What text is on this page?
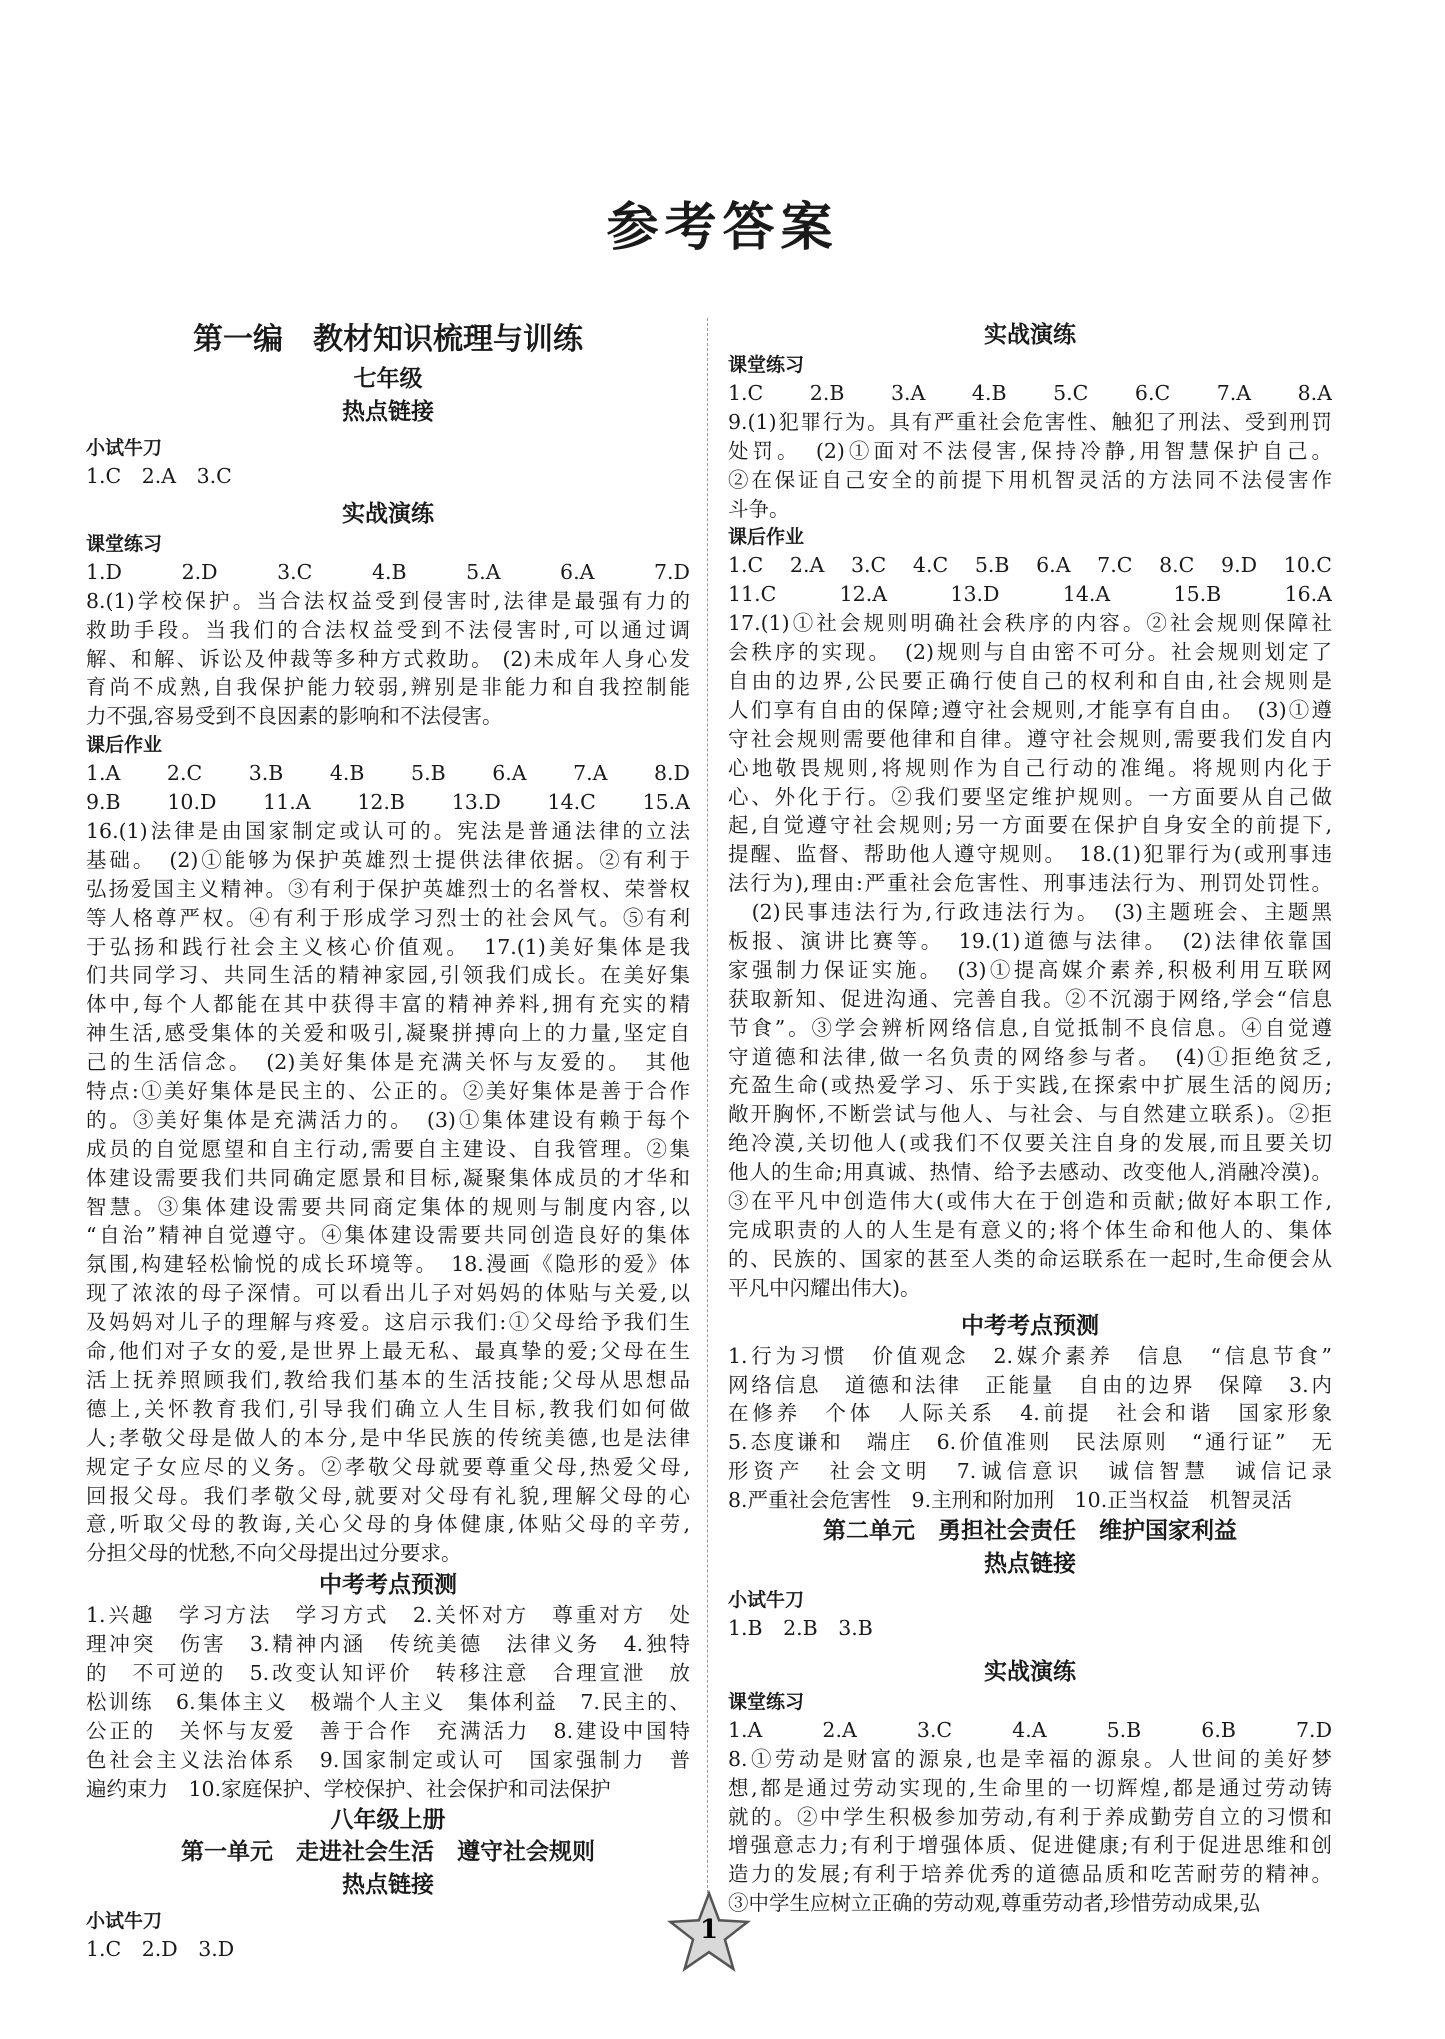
参考答案
第一编　教材知识梳理与训练
七年级
热点链接
小试牛刀
1.C　2.A　3.C
实战演练
课堂练习
1.D　2.D　3.C　4.B　5.A　6.A　7.D
8.(1)学校保护。当合法权益受到侵害时,法律是最强有力的
救助手段。当我们的合法权益受到不法侵害时,可以通过调
解、和解、诉讼及仲裁等多种方式救助。 (2)未成年人身心发
育尚不成熟,自我保护能力较弱,辨别是非能力和自我控制能
力不强,容易受到不良因素的影响和不法侵害。
课后作业
1.A　2.C　3.B　4.B　5.B　6.A　7.A　8.D
9.B　10.D　11.A　12.B　13.D　14.C　15.A
16.(1)法律是由国家制定或认可的。宪法是普通法律的立法
基础。　(2)①能够为保护英雄烈士提供法律依据。②有利于
弘扬爱国主义精神。③有利于保护英雄烈士的名誉权、荣誉权
等人格尊严权。④有利于形成学习烈士的社会风气。⑤有利
于弘扬和践行社会主义核心价值观。　17.(1)美好集体是我
们共同学习、共同生活的精神家园,引领我们成长。在美好集
体中,每个人都能在其中获得丰富的精神养料,拥有充实的精
神生活,感受集体的关爱和吸引,凝聚拼搏向上的力量,坚定自
己的生活信念。　(2)美好集体是充满关怀与友爱的。　其他
特点:①美好集体是民主的、公正的。②美好集体是善于合作
的。③美好集体是充满活力的。　(3)①集体建设有赖于每个
成员的自觉愿望和自主行动,需要自主建设、自我管理。②集
体建设需要我们共同确定愿景和目标,凝聚集体成员的才华和
智慧。③集体建设需要共同商定集体的规则与制度内容,以
“自治”精神自觉遵守。④集体建设需要共同创造良好的集体
氛围,构建轻松愉悦的成长环境等。　18.漫画《隐形的爱》体
现了浓浓的母子深情。可以看出儿子对妈妈的体贴与关爱,以
及妈妈对儿子的理解与疼爱。这启示我们:①父母给予我们生
命,他们对子女的爱,是世界上最无私、最真挚的爱;父母在生
活上抚养照顾我们,教给我们基本的生活技能;父母从思想品
德上,关怀教育我们,引导我们确立人生目标,教我们如何做
人;孝敬父母是做人的本分,是中华民族的传统美德,也是法律
规定子女应尽的义务。②孝敬父母就要尊重父母,热爱父母,
回报父母。我们孝敬父母,就要对父母有礼貌,理解父母的心
意,听取父母的教诲,关心父母的身体健康,体贴父母的辛劳,
分担父母的忧愁,不向父母提出过分要求。
中考考点预测
1.兴趣　学习方法　学习方式　2.关怀对方　尊重对方　处
理冲突　伤害　3.精神内涵　传统美德　法律义务　4.独特
的　不可逆的　5.改变认知评价　转移注意　合理宣泄　放
松训练　6.集体主义　极端个人主义　集体利益　7.民主的、
公正的　关怀与友爱　善于合作　充满活力　8.建设中国特
色社会主义法治体系　9.国家制定或认可　国家强制力　普
遍约束力　10.家庭保护、学校保护、社会保护和司法保护
八年级上册
第一单元　走进社会生活　遵守社会规则
热点链接
小试牛刀
1.C　2.D　3.D
实战演练
课堂练习
1.C　2.B　3.A　4.B　5.C　6.C　7.A　8.A
9.(1)犯罪行为。具有严重社会危害性、触犯了刑法、受到刑罚
处罚。　(2)①面对不法侵害,保持冷静,用智慧保护自己。
②在保证自己安全的前提下用机智灵活的方法同不法侵害作
斗争。
课后作业
1.C　2.A　3.C　4.C　5.B　6.A　7.C　8.C　9.D　10.C
11.C　12.A　13.D　14.A　15.B　16.A
17.(1)①社会规则明确社会秩序的内容。②社会规则保障社
会秩序的实现。　(2)规则与自由密不可分。社会规则划定了
自由的边界,公民要正确行使自己的权利和自由,社会规则是
人们享有自由的保障;遵守社会规则,才能享有自由。　(3)①遵
守社会规则需要他律和自律。遵守社会规则,需要我们发自内
心地敬畏规则,将规则作为自己行动的准绳。将规则内化于
心、外化于行。②我们要坚定维护规则。一方面要从自己做
起,自觉遵守社会规则;另一方面要在保护自身安全的前提下,
提醒、监督、帮助他人遵守规则。　18.(1)犯罪行为(或刑事违
法行为),理由:严重社会危害性、刑事违法行为、刑罚处罚性。
　(2)民事违法行为,行政违法行为。　(3)主题班会、主题黑
板报、演讲比赛等。　19.(1)道德与法律。　(2)法律依靠国
家强制力保证实施。　(3)①提高媒介素养,积极利用互联网
获取新知、促进沟通、完善自我。②不沉溺于网络,学会“信息
节食”。③学会辨析网络信息,自觉抵制不良信息。④自觉遵
守道德和法律,做一名负责的网络参与者。　(4)①拒绝贫乏,
充盈生命(或热爱学习、乐于实践,在探索中扩展生活的阅历;
敞开胸怀,不断尝试与他人、与社会、与自然建立联系)。②拒
绝冷漠,关切他人(或我们不仅要关注自身的发展,而且要关切
他人的生命;用真诚、热情、给予去感动、改变他人,消融冷漠)。
③在平凡中创造伟大(或伟大在于创造和贡献;做好本职工作,
完成职责的人的人生是有意义的;将个体生命和他人的、集体
的、民族的、国家的甚至人类的命运联系在一起时,生命便会从
平凡中闪耀出伟大)。
中考考点预测
1.行为习惯　价值观念　2.媒介素养　信息　“信息节食”
网络信息　道德和法律　正能量　自由的边界　保障　3.内
在修养　个体　人际关系　4.前提　社会和谐　国家形象
5.态度谦和　端庄　6.价值准则　民法原则　“通行证”　无
形资产　社会文明　7.诚信意识　诚信智慧　诚信记录
8.严重社会危害性　9.主刑和附加刑　10.正当权益　机智灵活
第二单元　勇担社会责任　维护国家利益
热点链接
小试牛刀
1.B　2.B　3.B
实战演练
课堂练习
1.A　2.A　3.C　4.A　5.B　6.B　7.D
8.①劳动是财富的源泉,也是幸福的源泉。人世间的美好梦
想,都是通过劳动实现的,生命里的一切辉煌,都是通过劳动铸
就的。②中学生积极参加劳动,有利于养成勤劳自立的习惯和
增强意志力;有利于增强体质、促进健康;有利于促进思维和创
造力的发展;有利于培养优秀的道德品质和吃苦耐劳的精神。
③中学生应树立正确的劳动观,尊重劳动者,珍惜劳动成果,弘
1
